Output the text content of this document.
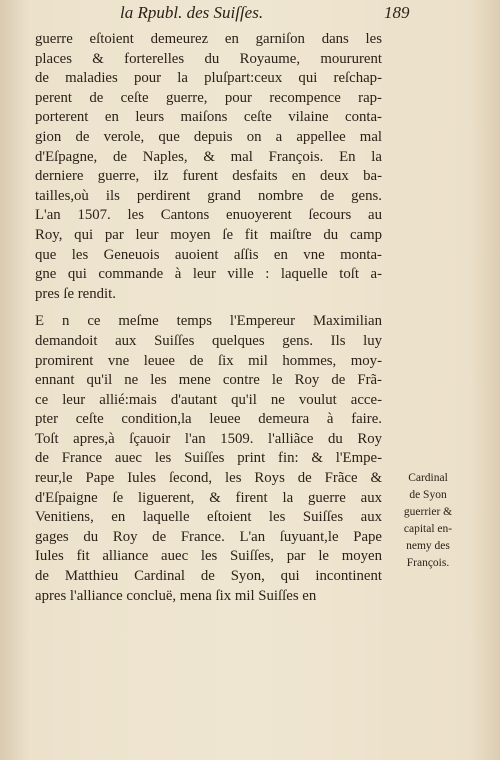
la Rpubl. des Suiſſes.	189
guerre eſtoient demeurez en garniſon dans les
places & forterelles du Royaume, moururent
de maladies pour la pluſpart:ceux qui reſchap-
perent de ceſte guerre, pour recompence rap-
porterent en leurs maiſons ceſte vilaine conta-
gion de verole, que depuis on a appellee mal
d'Eſpagne, de Naples, & mal François. En la
derniere guerre, ilz furent desfaits en deux ba-
tailles,où ils perdirent grand nombre de gens.
L'an 1507. les Cantons enuoyerent ſecours au
Roy, qui par leur moyen ſe fit maiſtre du camp
que les Geneuois auoient aſſis en vne monta-
gne qui commande à leur ville : laquelle toſt a-
pres ſe rendit.
E n ce meſme temps l'Empereur Maximilian
demandoit aux Suiſſes quelques gens. Ils luy
promirent vne leuee de ſix mil hommes, moy-
ennant qu'il ne les mene contre le Roy de Frã-
ce leur allié:mais d'autant qu'il ne voulut acce-
pter ceſte condition,la leuee demeura à faire.
Toſt apres,à ſçauoir l'an 1509. l'alliãce du Roy
de France auec les Suiſſes print fin: & l'Empe-
reur,le Pape Iules ſecond, les Roys de Frãce &
d'Eſpaigne ſe liguerent, & firent la guerre aux
Venitiens, en laquelle eſtoient les Suiſſes aux
gages du Roy de France. L'an ſuyuant,le Pape
Iules fit alliance auec les Suiſſes, par le moyen
de Matthieu Cardinal de Syon, qui incontinent
apres l'alliance concluë, mena ſix mil Suiſſes en
Cardinal
de Syon
guerrier &
capital en-
nemy des
François.
